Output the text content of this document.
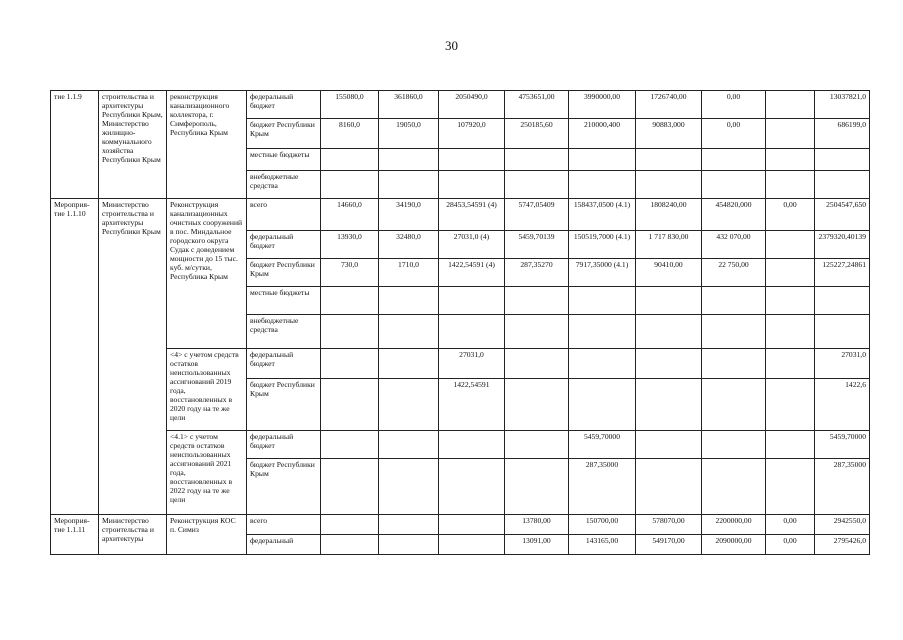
30
тие 1.1.9	строительства и архитектуры Республики Крым, Министерство жилищно-коммунального хозяйства Республики Крым	реконструкция канализационного коллектора, г. Симферополь, Республика Крым	федеральный бюджет	155080,0	361860,0	2050490,0	4753651,00	3990000,00	1726740,00	0,00		13037821,0
			бюджет Республики Крым	8160,0	19050,0	107920,0	250185,60	210000,400	90883,000	0,00		686199,0
			местные бюджеты									
			внебюджетные средства									
Мероприя-тие 1.1.10	Министерство строительства и архитектуры Республики Крым	Реконструкция канализационных очистных сооружений в пос. Миндальное городского округа Судак с доведением мощности до 15 тыс. куб. м/сутки, Республика Крым	всего	14660,0	34190,0	28453,54591 (4)	5747,05409	158437,0500 (4.1)	1808240,00	454820,000	0,00	2504547,650
			федеральный бюджет	13930,0	32480,0	27031,0 (4)	5459,70139	150519,7000 (4.1)	1 717 830,00	432 070,00		2379320,40139
			бюджет Республики Крым	730,0	1710,0	1422,54591 (4)	287,35270	7917,35000 (4.1)	90410,00	22 750,00		125227,24861
			местные бюджеты									
			внебюджетные средства									
		<4> с учетом средств остатков неиспользованных ассигнований 2019 года, восстановленных в 2020 году на те же цели	федеральный бюджет			27031,0						27031,0
			бюджет Республики Крым			1422,54591						1422,6
		<4.1> с учетом средств остатков неиспользованных ассигнований 2021 года, восстановленных в 2022 году на те же цели	федеральный бюджет					5459,70000				5459,70000
			бюджет Республики Крым					287,35000				287,35000
Мероприя-тие 1.1.11	Министерство строительства и архитектуры	Реконструкция КОС п. Симиз	всего				13780,00	150700,00	578070,00	2200000,00	0,00	2942550,0
			федеральный				13091,00	143165,00	549170,00	2090000,00	0,00	2795426,0
